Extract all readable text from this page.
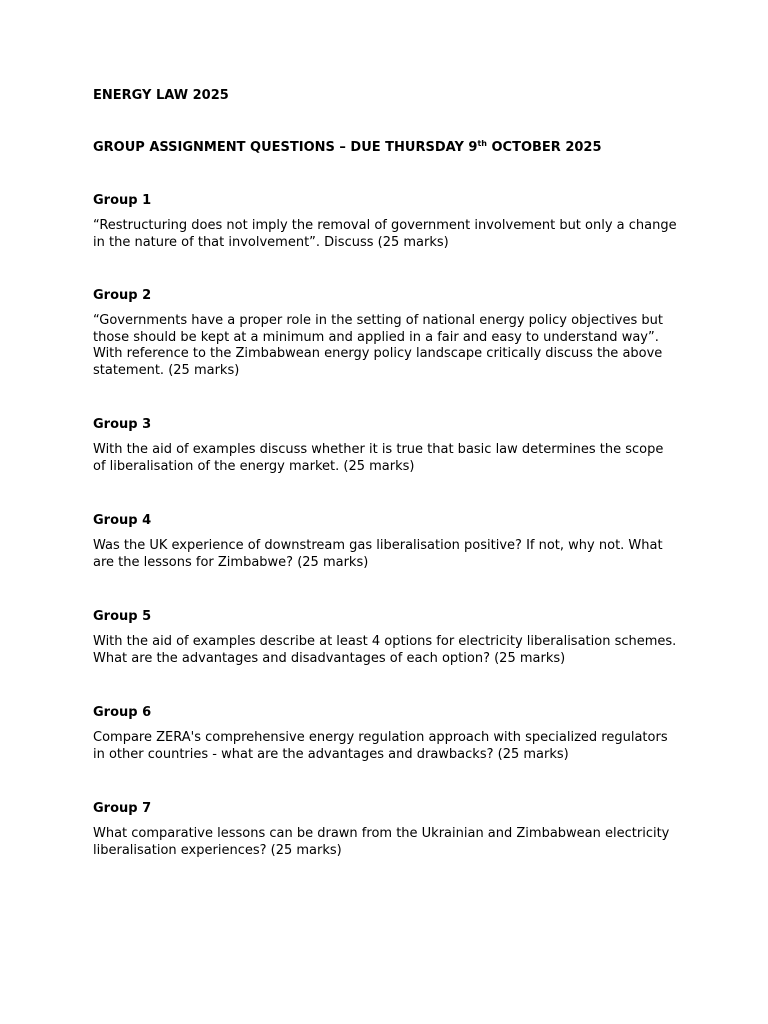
ENERGY LAW 2025
GROUP ASSIGNMENT QUESTIONS – DUE THURSDAY 9th OCTOBER 2025
Group 1
“Restructuring does not imply the removal of government involvement but only a change in the nature of that involvement”. Discuss (25 marks)
Group 2
“Governments have a proper role in the setting of national energy policy objectives but those should be kept at a minimum and applied in a fair and easy to understand way”. With reference to the Zimbabwean energy policy landscape critically discuss the above statement. (25 marks)
Group 3
With the aid of examples discuss whether it is true that basic law determines the scope of liberalisation of the energy market. (25 marks)
Group 4
Was the UK experience of downstream gas liberalisation positive? If not, why not. What are the lessons for Zimbabwe? (25 marks)
Group 5
With the aid of examples describe at least 4 options for electricity liberalisation schemes. What are the advantages and disadvantages of each option? (25 marks)
Group 6
Compare ZERA's comprehensive energy regulation approach with specialized regulators in other countries - what are the advantages and drawbacks? (25 marks)
Group 7
What comparative lessons can be drawn from the Ukrainian and Zimbabwean electricity liberalisation experiences? (25 marks)
